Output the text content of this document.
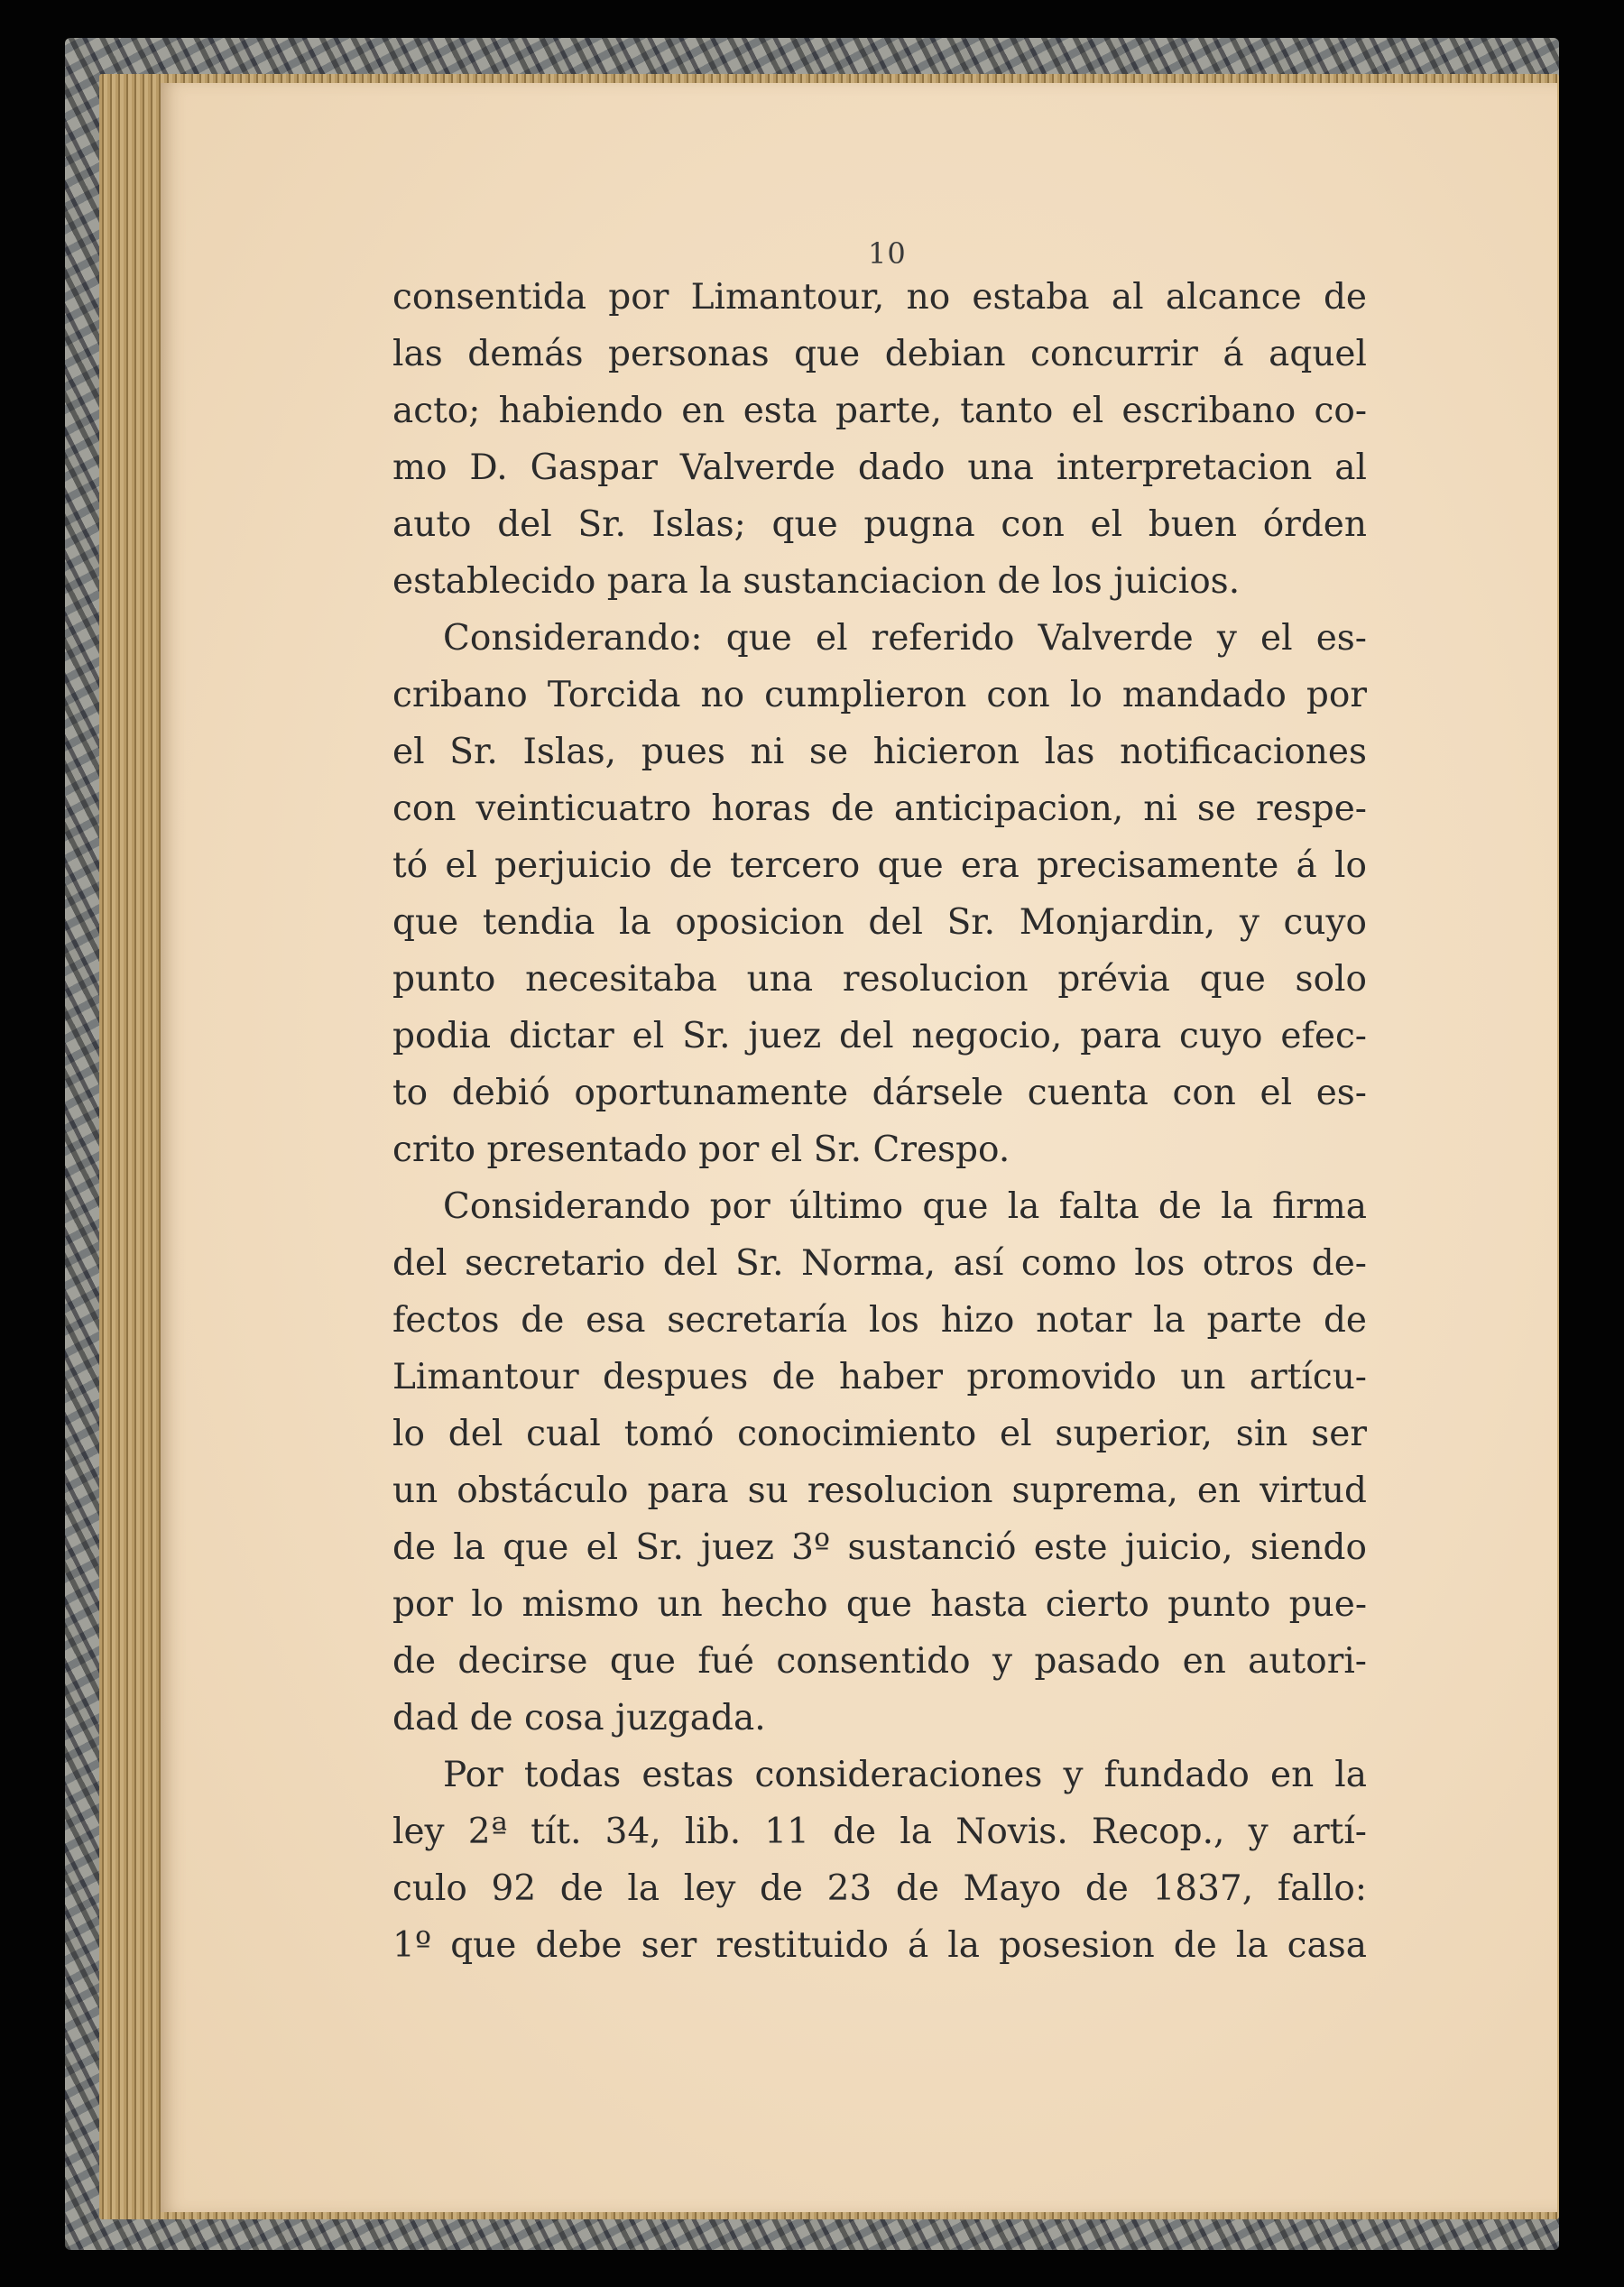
10
consentida por Limantour, no estaba al alcance de
las demás personas que debian concurrir á aquel
acto; habiendo en esta parte, tanto el escribano co-
mo D. Gaspar Valverde dado una interpretacion al
auto del Sr. Islas; que pugna con el buen órden
establecido para la sustanciacion de los juicios.
Considerando: que el referido Valverde y el es-
cribano Torcida no cumplieron con lo mandado por
el Sr. Islas, pues ni se hicieron las notificaciones
con veinticuatro horas de anticipacion, ni se respe-
tó el perjuicio de tercero que era precisamente á lo
que tendia la oposicion del Sr. Monjardin, y cuyo
punto necesitaba una resolucion prévia que solo
podia dictar el Sr. juez del negocio, para cuyo efec-
to debió oportunamente dársele cuenta con el es-
crito presentado por el Sr. Crespo.
Considerando por último que la falta de la firma
del secretario del Sr. Norma, así como los otros de-
fectos de esa secretaría los hizo notar la parte de
Limantour despues de haber promovido un artícu-
lo del cual tomó conocimiento el superior, sin ser
un obstáculo para su resolucion suprema, en virtud
de la que el Sr. juez 3º sustanció este juicio, siendo
por lo mismo un hecho que hasta cierto punto pue-
de decirse que fué consentido y pasado en autori-
dad de cosa juzgada.
Por todas estas consideraciones y fundado en la
ley 2ª tít. 34, lib. 11 de la Novis. Recop., y artí-
culo 92 de la ley de 23 de Mayo de 1837, fallo:
1º que debe ser restituido á la posesion de la casa
